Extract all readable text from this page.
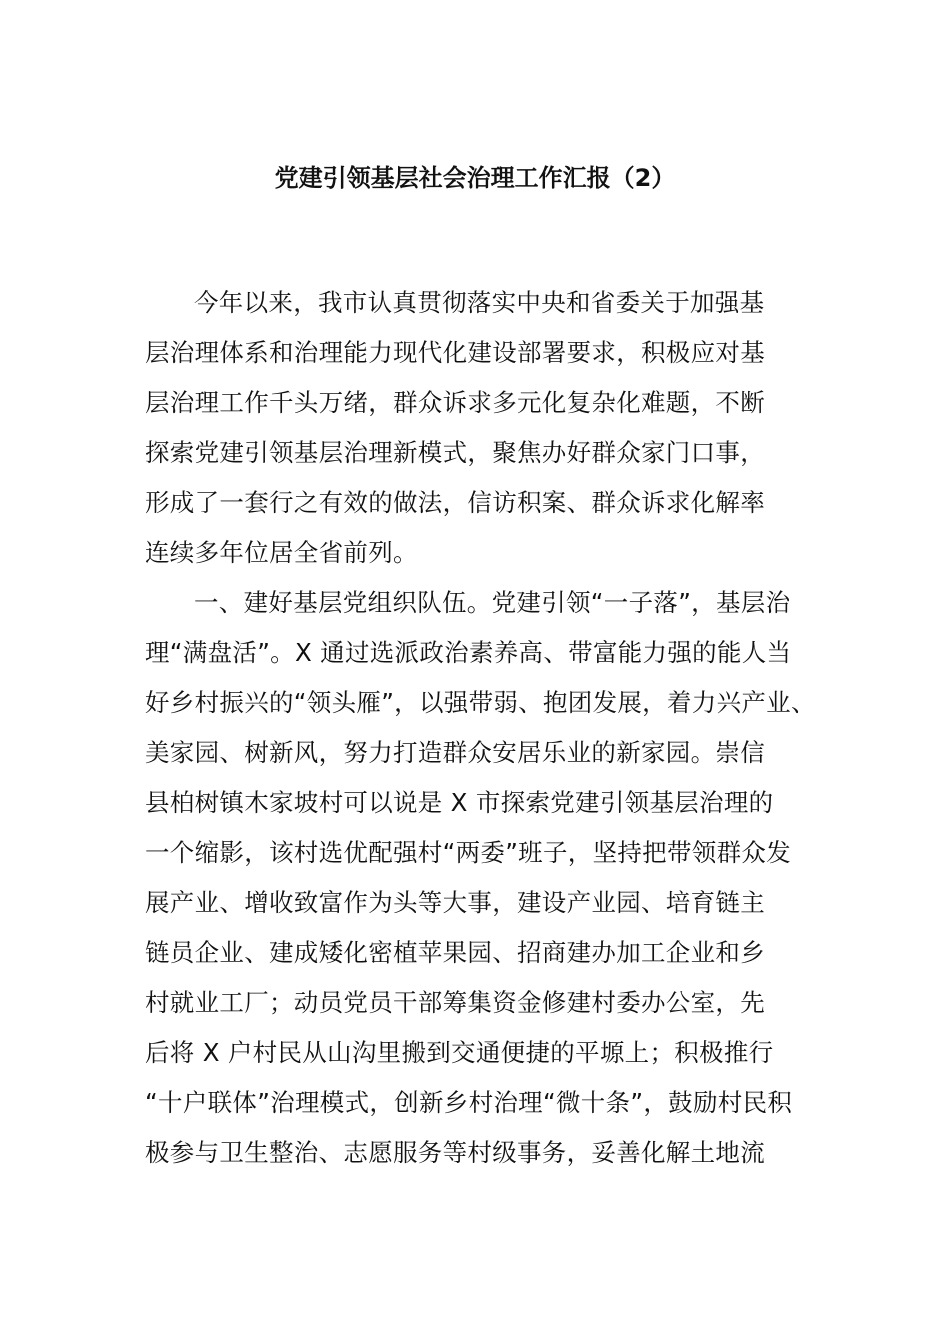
党建引领基层社会治理工作汇报（2）
今年以来，我市认真贯彻落实中央和省委关于加强基
层治理体系和治理能力现代化建设部署要求，积极应对基
层治理工作千头万绪，群众诉求多元化复杂化难题，不断
探索党建引领基层治理新模式，聚焦办好群众家门口事，
形成了一套行之有效的做法，信访积案、群众诉求化解率
连续多年位居全省前列。
一、建好基层党组织队伍。党建引领“一子落”，基层治
理“满盘活”。X 通过选派政治素养高、带富能力强的能人当
好乡村振兴的“领头雁”，以强带弱、抱团发展，着力兴产业、
美家园、树新风，努力打造群众安居乐业的新家园。崇信
县柏树镇木家坡村可以说是 X 市探索党建引领基层治理的
一个缩影，该村选优配强村“两委”班子，坚持把带领群众发
展产业、增收致富作为头等大事，建设产业园、培育链主
链员企业、建成矮化密植苹果园、招商建办加工企业和乡
村就业工厂；动员党员干部筹集资金修建村委办公室，先
后将 X 户村民从山沟里搬到交通便捷的平塬上；积极推行
“十户联体”治理模式，创新乡村治理“微十条”，鼓励村民积
极参与卫生整治、志愿服务等村级事务，妥善化解土地流
